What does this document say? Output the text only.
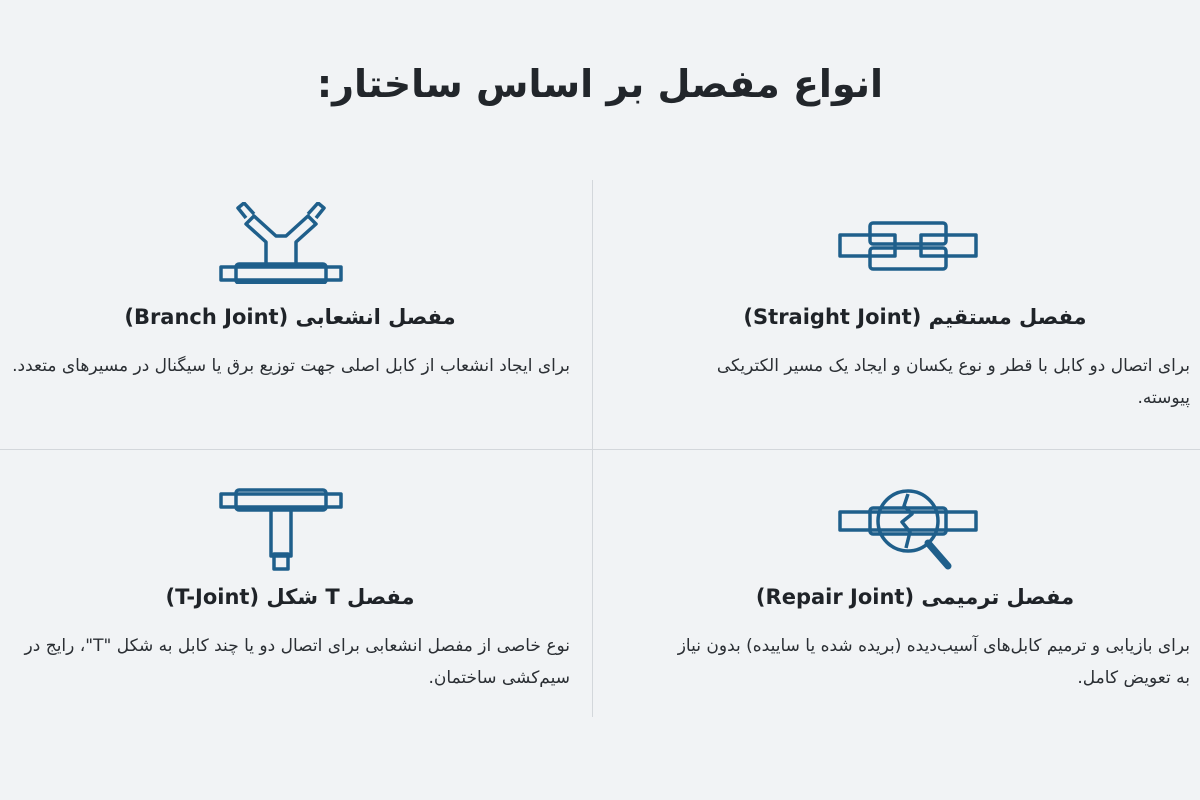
انواع مفصل بر اساس ساختار:
مفصل مستقیم (Straight Joint)
برای اتصال دو کابل با قطر و نوع یکسان و ایجاد یک مسیر الکتریکی پیوسته.
مفصل انشعابی (Branch Joint)
برای ایجاد انشعاب از کابل اصلی جهت توزیع برق یا سیگنال در مسیرهای متعدد.
مفصل ترمیمی (Repair Joint)
برای بازیابی و ترمیم کابل‌های آسیب‌دیده (بریده شده یا ساییده) بدون نیاز به تعویض کامل.
مفصل T شکل (T-Joint)
نوع خاصی از مفصل انشعابی برای اتصال دو یا چند کابل به شکل "T"، رایج در سیم‌کشی ساختمان.
